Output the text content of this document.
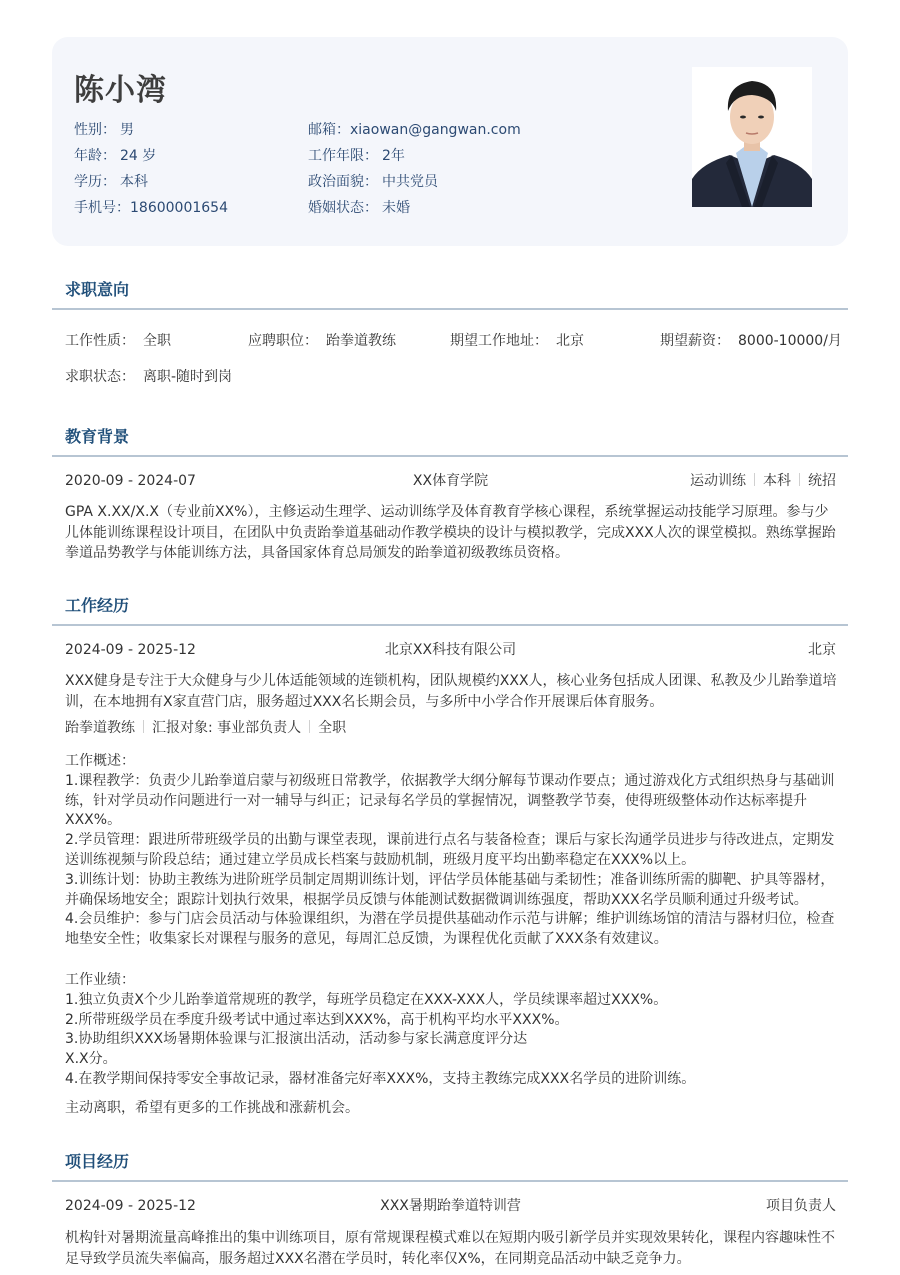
陈小湾
性别： 男
年龄： 24 岁
学历： 本科
手机号：18600001654
邮箱：xiaowan@gangwan.com
工作年限： 2年
政治面貌： 中共党员
婚姻状态： 未婚
求职意向
工作性质： 全职	应聘职位： 跆拳道教练	期望工作地址： 北京	期望薪资： 8000-10000/月
求职状态： 离职-随时到岗
教育背景
2020-09 - 2024-07	XX体育学院	运动训练 本科 统招
GPA X.XX/X.X（专业前XX%），主修运动生理学、运动训练学及体育教育学核心课程，系统掌握运动技能学习原理。参与少
儿体能训练课程设计项目，在团队中负责跆拳道基础动作教学模块的设计与模拟教学，完成XXX人次的课堂模拟。熟练掌握跆
拳道品势教学与体能训练方法，具备国家体育总局颁发的跆拳道初级教练员资格。
工作经历
2024-09 - 2025-12	北京XX科技有限公司	北京
XXX健身是专注于大众健身与少儿体适能领域的连锁机构，团队规模约XXX人，核心业务包括成人团课、私教及少儿跆拳道培
训，在本地拥有X家直营门店，服务超过XXX名长期会员，与多所中小学合作开展课后体育服务。
跆拳道教练 汇报对象: 事业部负责人 全职
工作概述：
1.课程教学：负责少儿跆拳道启蒙与初级班日常教学，依据教学大纲分解每节课动作要点；通过游戏化方式组织热身与基础训
练，针对学员动作问题进行一对一辅导与纠正；记录每名学员的掌握情况，调整教学节奏，使得班级整体动作达标率提升
XXX%。
2.学员管理：跟进所带班级学员的出勤与课堂表现，课前进行点名与装备检查；课后与家长沟通学员进步与待改进点，定期发
送训练视频与阶段总结；通过建立学员成长档案与鼓励机制，班级月度平均出勤率稳定在XXX%以上。
3.训练计划：协助主教练为进阶班学员制定周期训练计划，评估学员体能基础与柔韧性；准备训练所需的脚靶、护具等器材，
并确保场地安全；跟踪计划执行效果，根据学员反馈与体能测试数据微调训练强度，帮助XXX名学员顺利通过升级考试。
4.会员维护：参与门店会员活动与体验课组织，为潜在学员提供基础动作示范与讲解；维护训练场馆的清洁与器材归位，检查
地垫安全性；收集家长对课程与服务的意见，每周汇总反馈，为课程优化贡献了XXX条有效建议。
工作业绩：
1.独立负责X个少儿跆拳道常规班的教学，每班学员稳定在XXX-XXX人，学员续课率超过XXX%。
2.所带班级学员在季度升级考试中通过率达到XXX%，高于机构平均水平XXX%。
3.协助组织XXX场暑期体验课与汇报演出活动，活动参与家长满意度评分达
X.X分。
4.在教学期间保持零安全事故记录，器材准备完好率XXX%，支持主教练完成XXX名学员的进阶训练。
主动离职，希望有更多的工作挑战和涨薪机会。
项目经历
2024-09 - 2025-12	XXX暑期跆拳道特训营	项目负责人
机构针对暑期流量高峰推出的集中训练项目，原有常规课程模式难以在短期内吸引新学员并实现效果转化，课程内容趣味性不
足导致学员流失率偏高，服务超过XXX名潜在学员时，转化率仅X%，在同期竞品活动中缺乏竞争力。
